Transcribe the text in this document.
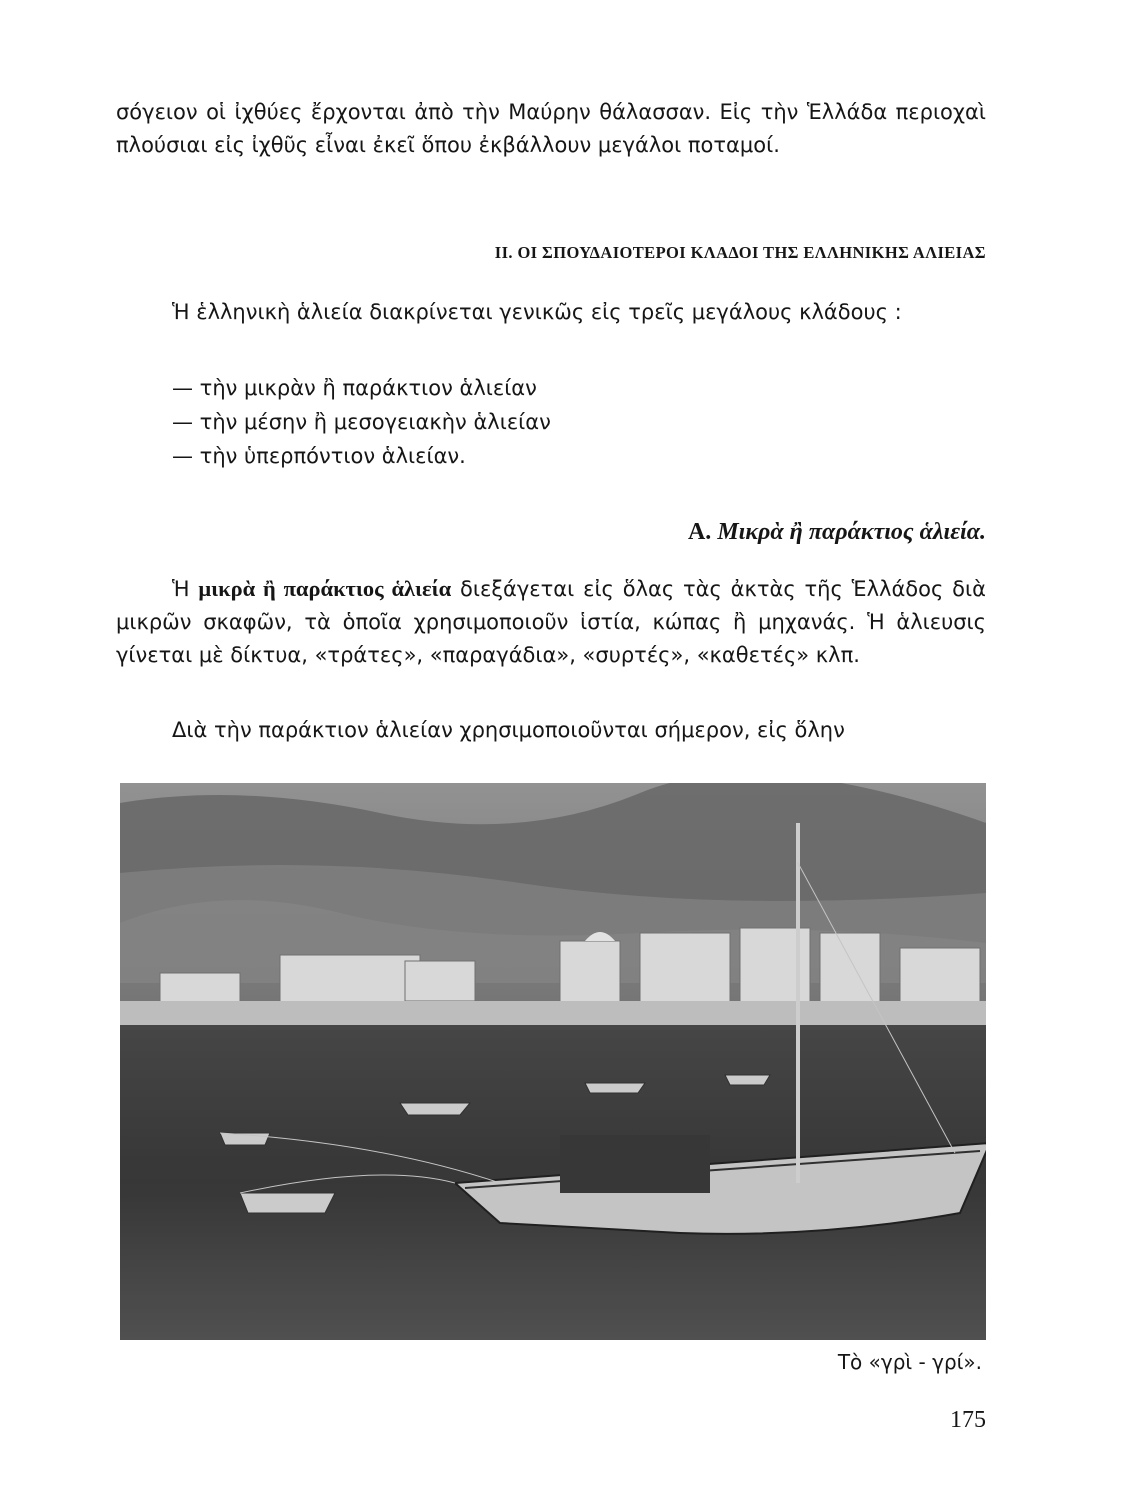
σόγειον οἱ ἰχθύες ἔρχονται ἀπὸ τὴν Μαύρην θάλασσαν. Εἰς τὴν Ἑλλάδα περιοχαὶ πλούσιαι εἰς ἰχθῦς εἶναι ἐκεῖ ὅπου ἐκβάλλουν μεγάλοι ποταμοί.

II. ΟΙ ΣΠΟΥΔΑΙΟΤΕΡΟΙ ΚΛΑΔΟΙ ΤΗΣ ΕΛΛΗΝΙΚΗΣ ΑΛΙΕΙΑΣ

Ἡ ἑλληνικὴ ἁλιεία διακρίνεται γενικῶς εἰς τρεῖς μεγάλους κλάδους :

— τὴν μικρὰν ἢ παράκτιον ἁλιείαν
— τὴν μέσην ἢ μεσογειακὴν ἁλιείαν
— τὴν ὑπερπόντιον ἁλιείαν.
Α. Μικρὰ ἢ παράκτιος ἁλιεία.

Ἡ μικρὰ ἢ παράκτιος ἁλιεία διεξάγεται εἰς ὅλας τὰς ἀκτὰς τῆς Ἑλλάδος διὰ μικρῶν σκαφῶν, τὰ ὁποῖα χρησιμοποιοῦν ἱστία, κώπας ἢ μηχανάς. Ἡ ἁλιευσις γίνεται μὲ δίκτυα, «τράτες», «παραγάδια», «συρτές», «καθετές» κλπ.

Διὰ τὴν παράκτιον ἁλιείαν χρησιμοποιοῦνται σήμερον, εἰς ὅλην

Τὸ «γρὶ - γρί».
175
